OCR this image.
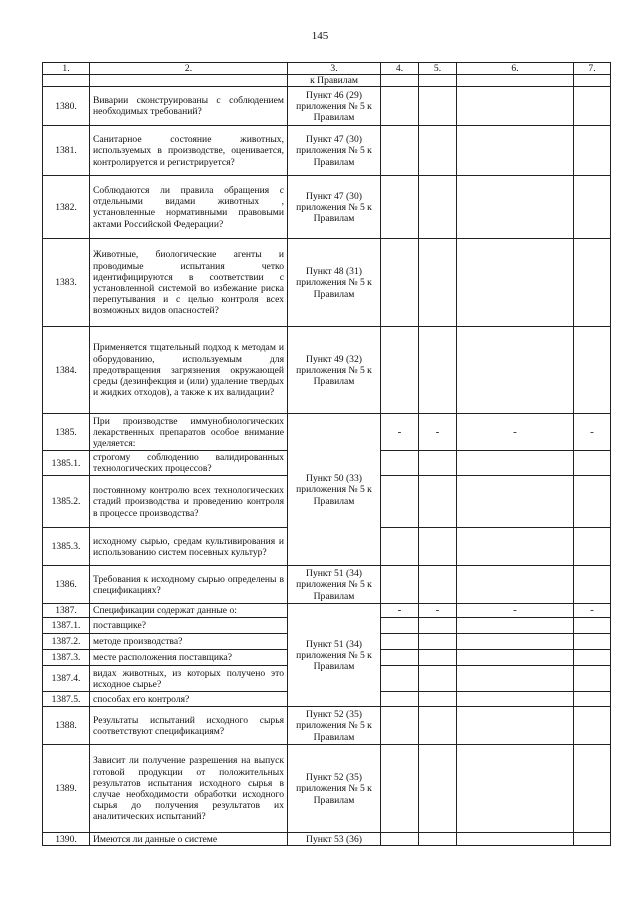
145
1.	2.	3.	4.	5.	6.	7.
		к Правилам				
1380.	Виварии сконструированы с соблюдением необходимых требований?	Пункт 46 (29) приложения № 5 к Правилам				
1381.	Санитарное состояние животных, используемых в производстве, оценивается, контролируется и регистрируется?	Пункт 47 (30) приложения № 5 к Правилам				
1382.	Соблюдаются ли правила обращения с отдельными видами животных , установленные нормативными правовыми актами Российской Федерации?	Пункт 47 (30) приложения № 5 к Правилам				
1383.	Животные, биологические агенты и проводимые испытания четко идентифицируются в соответствии с установленной системой во избежание риска перепутывания и с целью контроля всех возможных видов опасностей?	Пункт 48 (31) приложения № 5 к Правилам				
1384.	Применяется тщательный подход к методам и оборудованию, используемым для предотвращения загрязнения окружающей среды (дезинфекция и (или) удаление твердых и жидких отходов), а также к их валидации?	Пункт 49 (32) приложения № 5 к Правилам				
1385.	При производстве иммунобиологических лекарственных препаратов особое внимание уделяется:	Пункт 50 (33) приложения № 5 к Правилам	-	-	-	-
1385.1.	строгому соблюдению валидированных технологических процессов?					
1385.2.	постоянному контролю всех технологических стадий производства и проведению контроля в процессе производства?					
1385.3.	исходному сырью, средам культивирования и использованию систем посевных культур?					
1386.	Требования к исходному сырью определены в спецификациях?	Пункт 51 (34) приложения № 5 к Правилам				
1387.	Спецификации содержат данные о:	Пункт 51 (34) приложения № 5 к Правилам	-	-	-	-
1387.1.	поставщике?					
1387.2.	методе производства?					
1387.3.	месте расположения поставщика?					
1387.4.	видах животных, из которых получено это исходное сырье?					
1387.5.	способах его контроля?					
1388.	Результаты испытаний исходного сырья соответствуют спецификациям?	Пункт 52 (35) приложения № 5 к Правилам				
1389.	Зависит ли получение разрешения на выпуск готовой продукции от положительных результатов испытания исходного сырья в случае необходимости обработки исходного сырья до получения результатов их аналитических испытаний?	Пункт 52 (35) приложения № 5 к Правилам				
1390.	Имеются ли данные о системе	Пункт 53 (36)				
